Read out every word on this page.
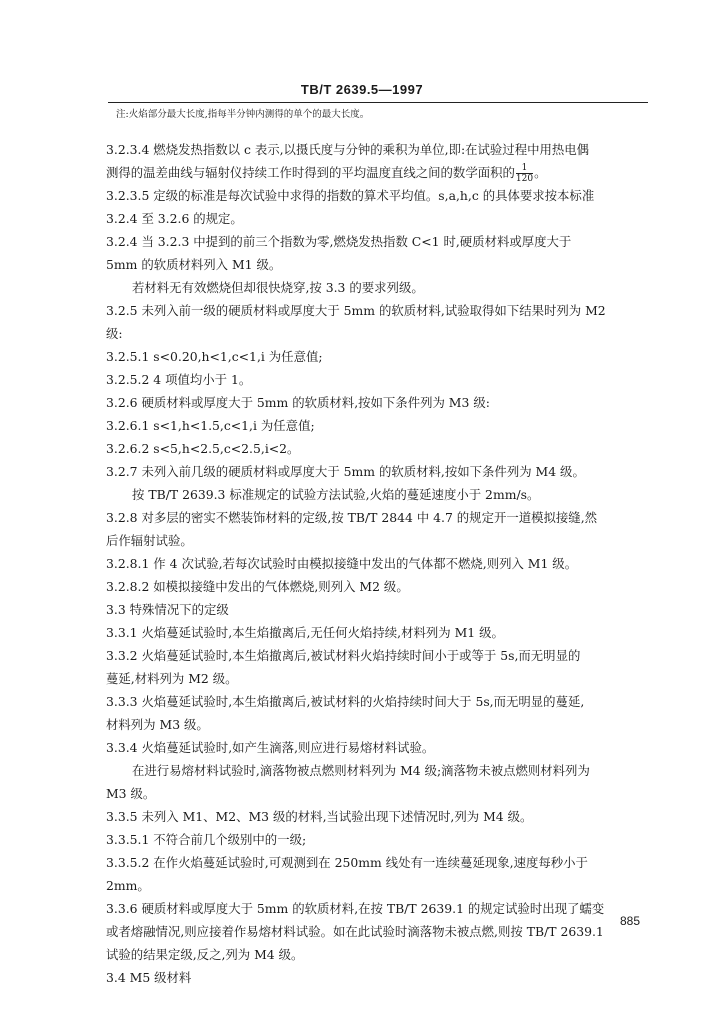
TB/T 2639.5—1997
注:火焰部分最大长度,指每半分钟内测得的单个的最大长度。

3.2.3.4 燃烧发热指数以 c 表示,以摄氏度与分钟的乘积为单位,即:在试验过程中用热电偶

测得的温差曲线与辐射仪持续工作时得到的平均温度直线之间的数学面积的 $\frac{1}{120}$ 。

3.2.3.5 定级的标准是每次试验中求得的指数的算术平均值。s,a,h,c 的具体要求按本标准

3.2.4 至 3.2.6 的规定。

3.2.4 当 3.2.3 中提到的前三个指数为零,燃烧发热指数 C<1 时,硬质材料或厚度大于

5mm 的软质材料列入 M1 级。

若材料无有效燃烧但却很快烧穿,按 3.3 的要求列级。

3.2.5 未列入前一级的硬质材料或厚度大于 5mm 的软质材料,试验取得如下结果时列为 M2

级:

3.2.5.1 s<0.20,h<1,c<1,i 为任意值;

3.2.5.2 4 项值均小于 1。

3.2.6 硬质材料或厚度大于 5mm 的软质材料,按如下条件列为 M3 级:

3.2.6.1 s<1,h<1.5,c<1,i 为任意值;

3.2.6.2 s<5,h<2.5,c<2.5,i<2。

3.2.7 未列入前几级的硬质材料或厚度大于 5mm 的软质材料,按如下条件列为 M4 级。

按 TB/T 2639.3 标准规定的试验方法试验,火焰的蔓延速度小于 2mm/s。

3.2.8 对多层的密实不燃装饰材料的定级,按 TB/T 2844 中 4.7 的规定开一道模拟接缝,然

后作辐射试验。

3.2.8.1 作 4 次试验,若每次试验时由模拟接缝中发出的气体都不燃烧,则列入 M1 级。

3.2.8.2 如模拟接缝中发出的气体燃烧,则列入 M2 级。

3.3 特殊情况下的定级

3.3.1 火焰蔓延试验时,本生焰撤离后,无任何火焰持续,材料列为 M1 级。

3.3.2 火焰蔓延试验时,本生焰撤离后,被试材料火焰持续时间小于或等于 5s,而无明显的

蔓延,材料列为 M2 级。

3.3.3 火焰蔓延试验时,本生焰撤离后,被试材料的火焰持续时间大于 5s,而无明显的蔓延,

材料列为 M3 级。

3.3.4 火焰蔓延试验时,如产生滴落,则应进行易熔材料试验。

在进行易熔材料试验时,滴落物被点燃则材料列为 M4 级;滴落物未被点燃则材料列为

M3 级。

3.3.5 未列入 M1、M2、M3 级的材料,当试验出现下述情况时,列为 M4 级。

3.3.5.1 不符合前几个级别中的一级;

3.3.5.2 在作火焰蔓延试验时,可观测到在 250mm 线处有一连续蔓延现象,速度每秒小于

2mm。

3.3.6 硬质材料或厚度大于 5mm 的软质材料,在按 TB/T 2639.1 的规定试验时出现了蠕变

或者熔融情况,则应接着作易熔材料试验。如在此试验时滴落物未被点燃,则按 TB/T 2639.1

试验的结果定级,反之,列为 M4 级。

3.4 M5 级材料

885
